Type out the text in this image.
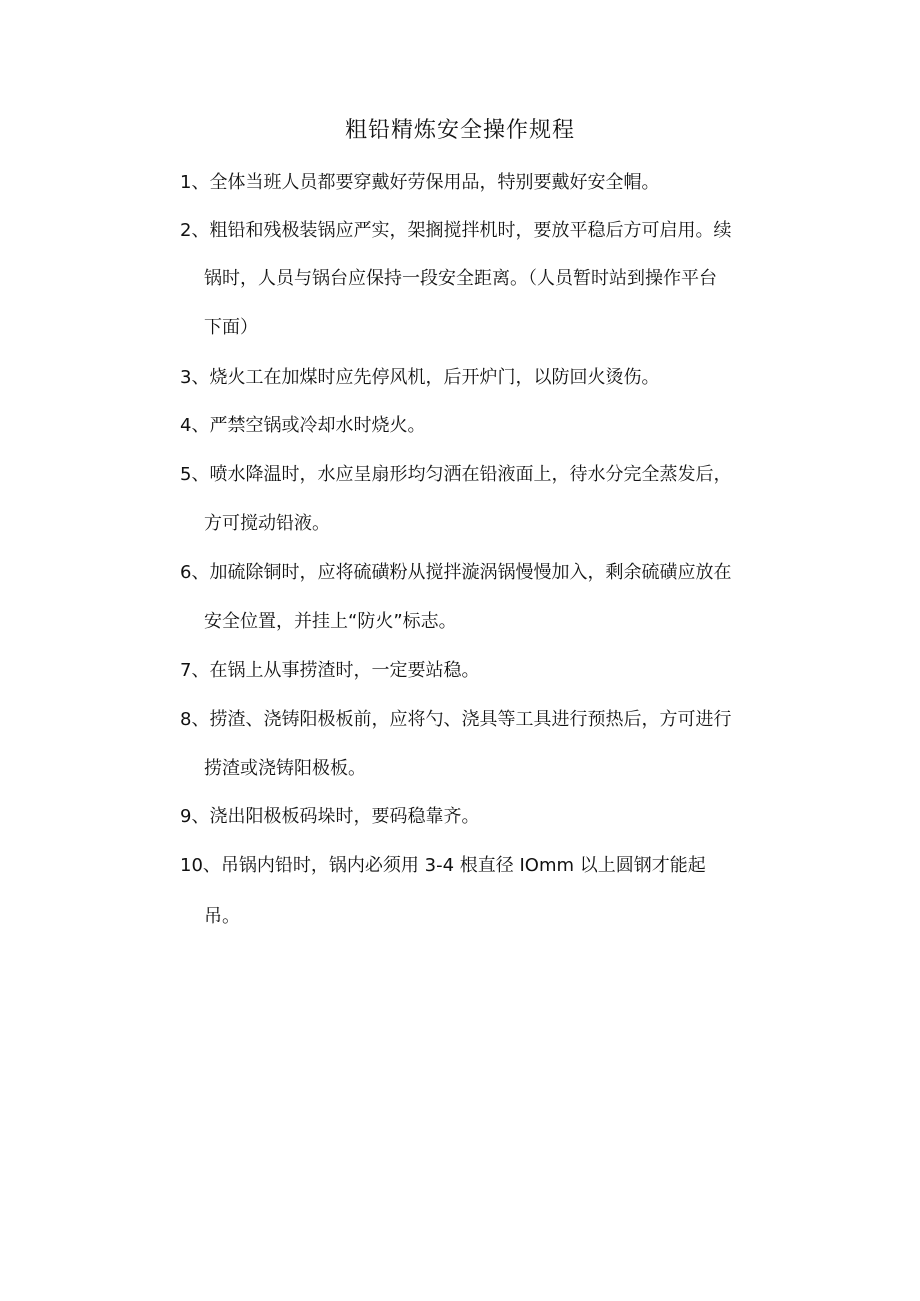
粗铅精炼安全操作规程
1、全体当班人员都要穿戴好劳保用品，特别要戴好安全帽。
2、粗铅和残极装锅应严实，架搁搅拌机时，要放平稳后方可启用。续
锅时，人员与锅台应保持一段安全距离。（人员暂时站到操作平台
下面）
3、烧火工在加煤时应先停风机，后开炉门，以防回火烫伤。
4、严禁空锅或冷却水时烧火。
5、喷水降温时，水应呈扇形均匀洒在铅液面上，待水分完全蒸发后，
方可搅动铅液。
6、加硫除铜时，应将硫磺粉从搅拌漩涡锅慢慢加入，剩余硫磺应放在
安全位置，并挂上“防火”标志。
7、在锅上从事捞渣时，一定要站稳。
8、捞渣、浇铸阳极板前，应将勺、浇具等工具进行预热后，方可进行
捞渣或浇铸阳极板。
9、浇出阳极板码垛时，要码稳靠齐。
10、吊锅内铅时，锅内必须用 3-4 根直径 IOmm 以上圆钢才能起
吊。
